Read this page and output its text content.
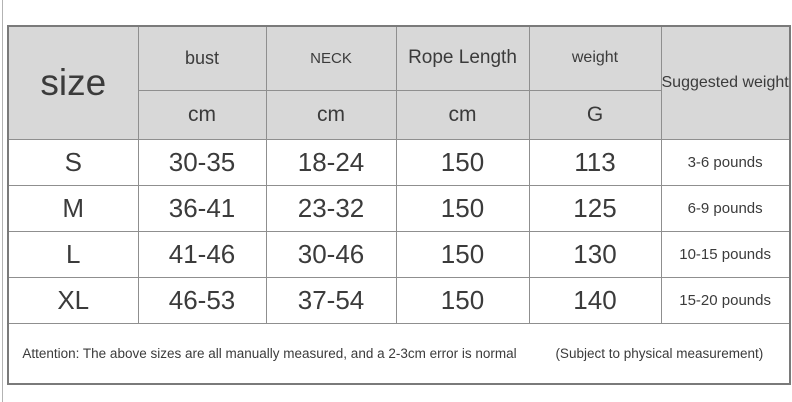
size	bust	NECK	Rope Length	weight	Suggested weight
	cm	cm	cm	G	
S	30-35	18-24	150	113	3-6 pounds
M	36-41	23-32	150	125	6-9 pounds
L	41-46	30-46	150	130	10-15 pounds
XL	46-53	37-54	150	140	15-20 pounds

Attention: The above sizes are all manually measured, and a 2-3cm error is normal (Subject to physical measurement)					
